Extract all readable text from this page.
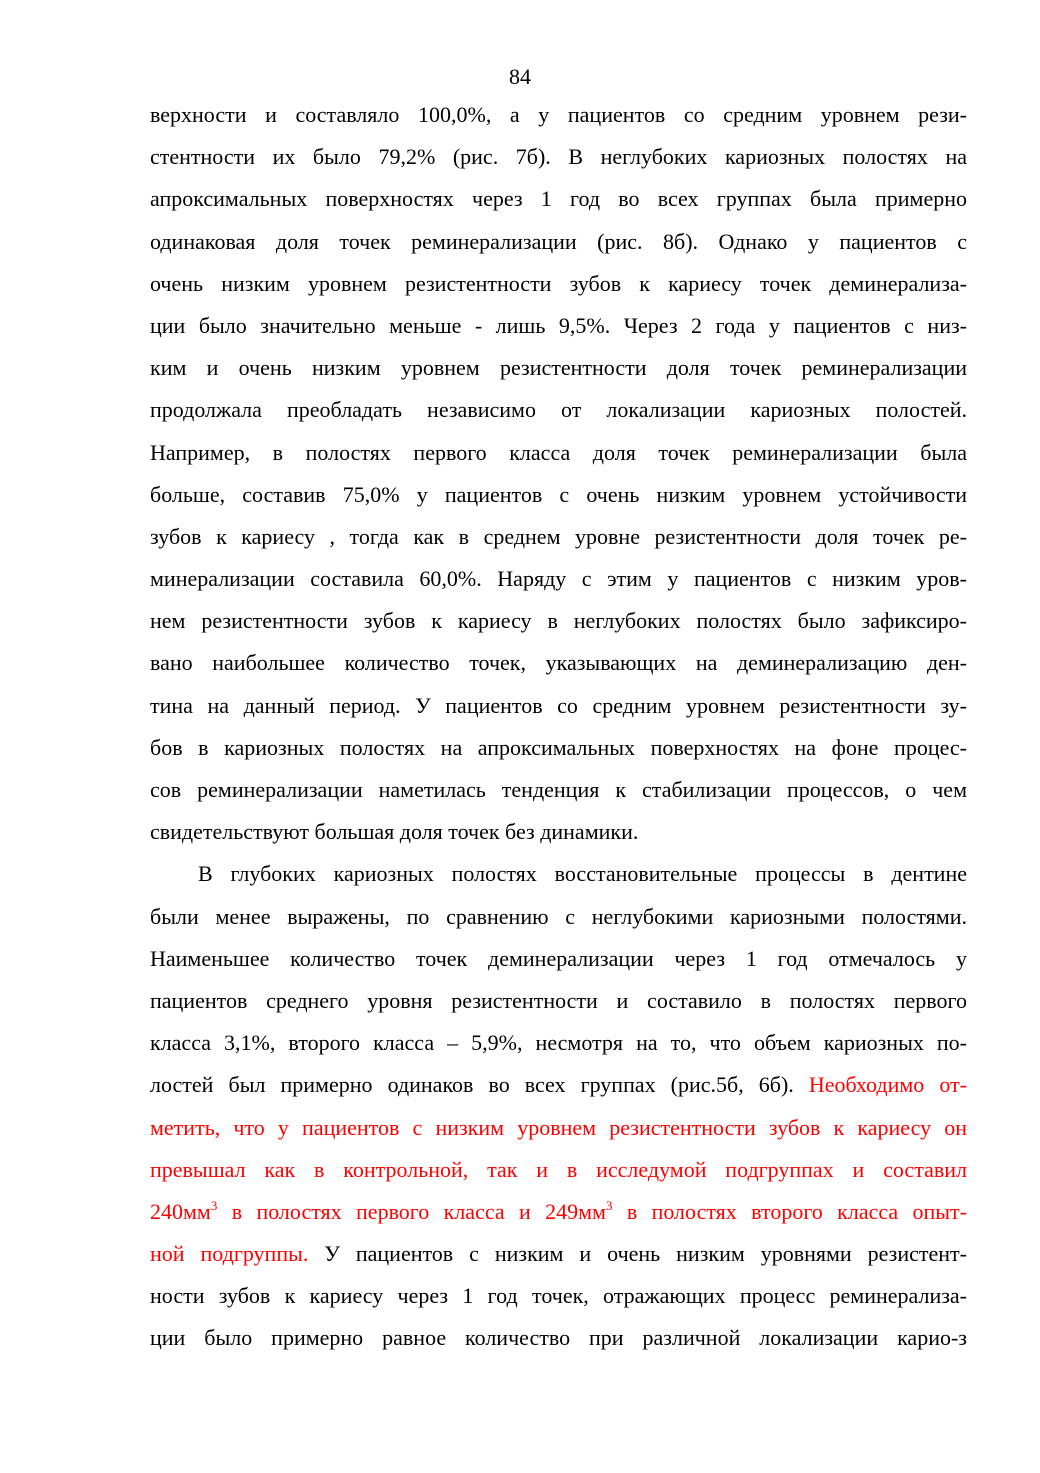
84
верхности и составляло 100,0%, а у пациентов со средним уровнем рези-
стентности их было 79,2% (рис. 7б). В неглубоких кариозных полостях на
апроксимальных поверхностях через 1 год во всех группах была примерно
одинаковая доля точек реминерализации (рис. 8б). Однако у пациентов с
очень низким уровнем резистентности зубов к кариесу точек деминерализа-
ции было значительно меньше - лишь 9,5%. Через 2 года у пациентов с низ-
ким и очень низким уровнем резистентности доля точек реминерализации
продолжала преобладать независимо от локализации кариозных полостей.
Например, в полостях первого класса доля точек реминерализации была
больше, составив 75,0% у пациентов с очень низким уровнем устойчивости
зубов к кариесу , тогда как в среднем уровне резистентности доля точек ре-
минерализации составила 60,0%. Наряду с этим у пациентов с низким уров-
нем резистентности зубов к кариесу в неглубоких полостях было зафиксиро-
вано наибольшее количество точек, указывающих на деминерализацию ден-
тина на данный период. У пациентов со средним уровнем резистентности зу-
бов в кариозных полостях на апроксимальных поверхностях на фоне процес-
сов реминерализации наметилась тенденция к стабилизации процессов, о чем
свидетельствуют большая доля точек без динамики.
В глубоких кариозных полостях восстановительные процессы в дентине
были менее выражены, по сравнению с неглубокими кариозными полостями.
Наименьшее количество точек деминерализации через 1 год отмечалось у
пациентов среднего уровня резистентности и составило в полостях первого
класса 3,1%, второго класса – 5,9%, несмотря на то, что объем кариозных по-
лостей был примерно одинаков во всех группах (рис.5б, 6б). Необходимо от-
метить, что у пациентов с низким уровнем резистентности зубов к кариесу он
превышал как в контрольной, так и в исследумой подгруппах и составил
$240мм^3$ в полостях первого класса и $249мм^3$ в полостях второго класса опыт-
ной подгруппы. У пациентов с низким и очень низким уровнями резистент-
ности зубов к кариесу через 1 год точек, отражающих процесс реминерализа-
ции было примерно равное количество при различной локализации карио-з
